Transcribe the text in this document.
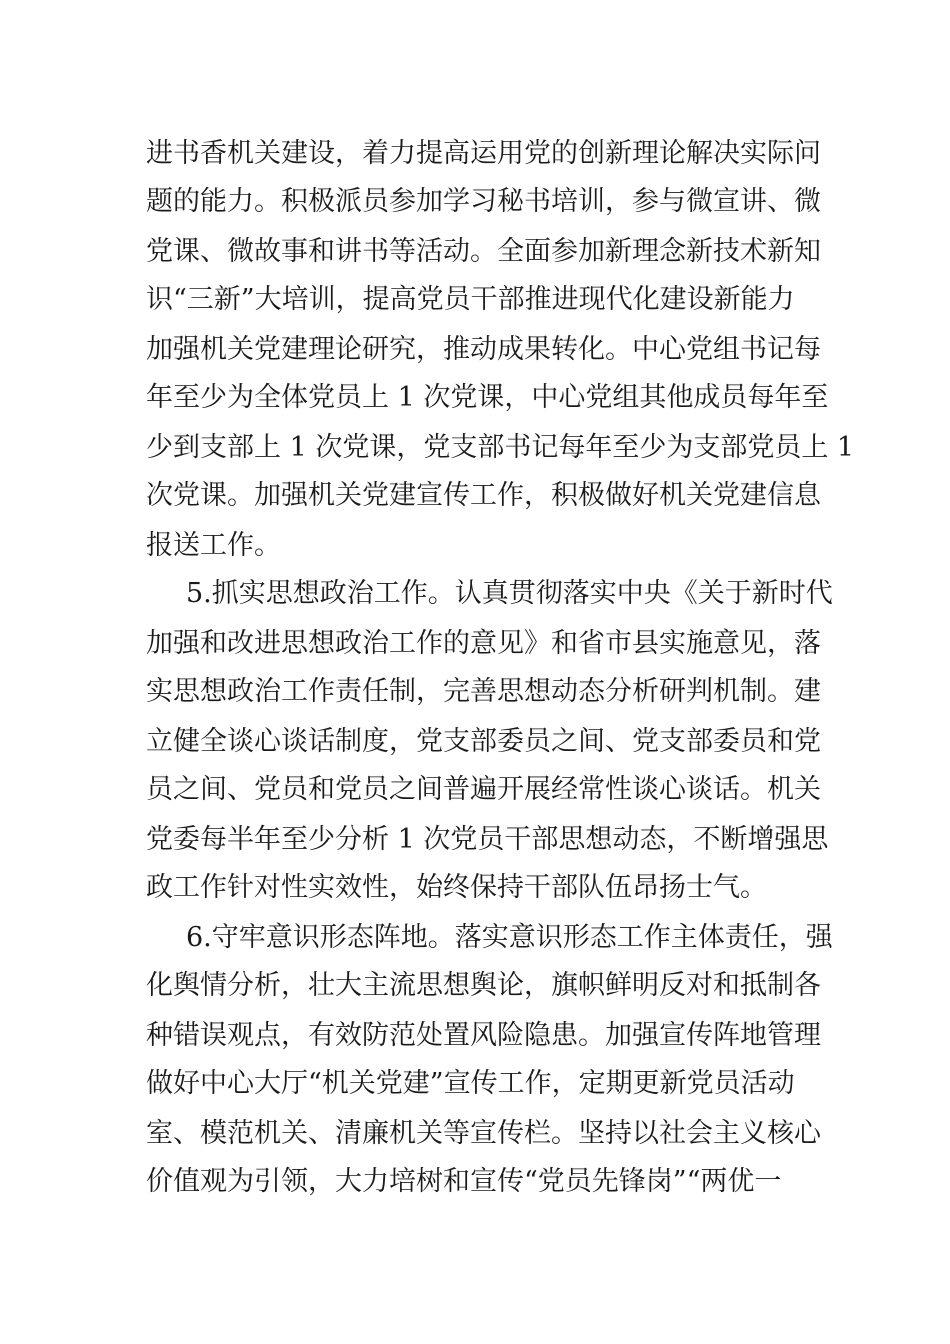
进书香机关建设，着力提高运用党的创新理论解决实际问
题的能力。积极派员参加学习秘书培训，参与微宣讲、微
党课、微故事和讲书等活动。全面参加新理念新技术新知
识“三新”大培训，提高党员干部推进现代化建设新能力
加强机关党建理论研究，推动成果转化。中心党组书记每
年至少为全体党员上 1 次党课，中心党组其他成员每年至
少到支部上 1 次党课，党支部书记每年至少为支部党员上 1
次党课。加强机关党建宣传工作，积极做好机关党建信息
报送工作。
5.抓实思想政治工作。认真贯彻落实中央《关于新时代
加强和改进思想政治工作的意见》和省市县实施意见，落
实思想政治工作责任制，完善思想动态分析研判机制。建
立健全谈心谈话制度，党支部委员之间、党支部委员和党
员之间、党员和党员之间普遍开展经常性谈心谈话。机关
党委每半年至少分析 1 次党员干部思想动态，不断增强思
政工作针对性实效性，始终保持干部队伍昂扬士气。
6.守牢意识形态阵地。落实意识形态工作主体责任，强
化舆情分析，壮大主流思想舆论，旗帜鲜明反对和抵制各
种错误观点，有效防范处置风险隐患。加强宣传阵地管理
做好中心大厅“机关党建”宣传工作，定期更新党员活动
室、模范机关、清廉机关等宣传栏。坚持以社会主义核心
价值观为引领，大力培树和宣传“党员先锋岗”“两优一
